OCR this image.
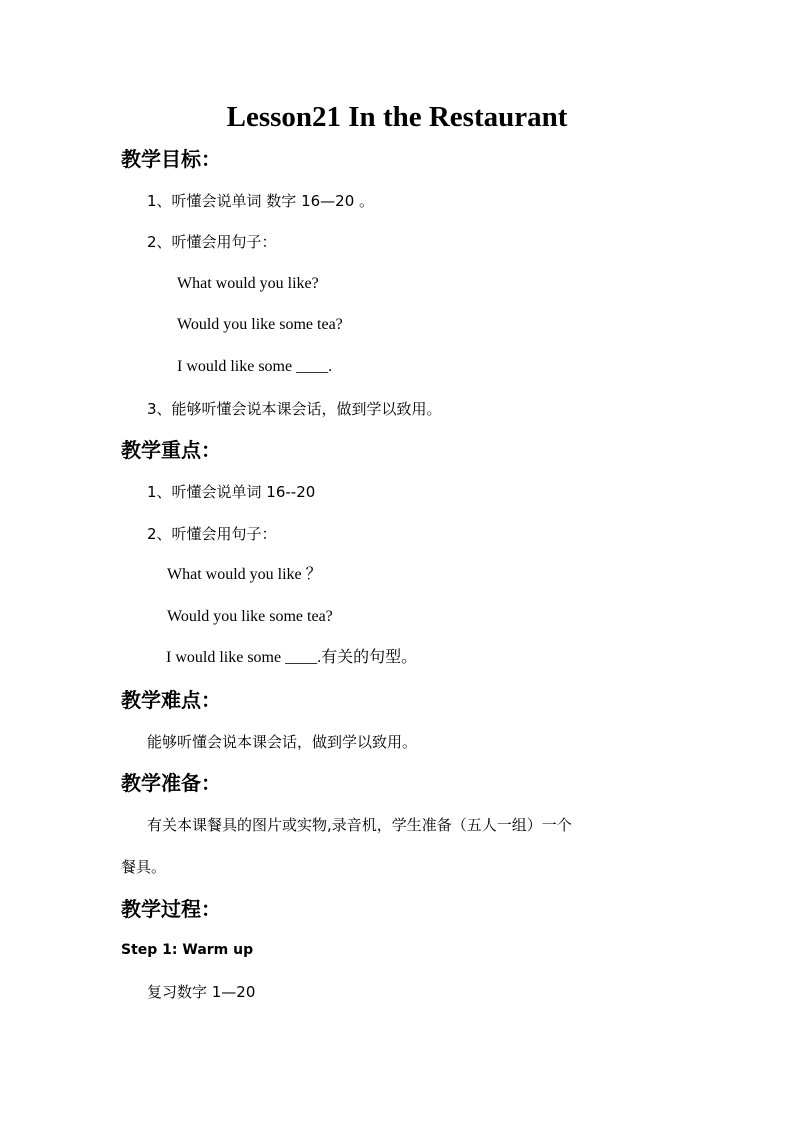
Lesson21 In the Restaurant
教学目标：
1、听懂会说单词 数字 16—20 。
2、听懂会用句子：
What would you like?
Would you like some tea?
I would like some ____.
3、能够听懂会说本课会话，做到学以致用。
教学重点：
1、听懂会说单词 16--20
2、听懂会用句子：
What would you like ？
Would you like some tea?
I would like some ____.有关的句型。
教学难点：
能够听懂会说本课会话，做到学以致用。
教学准备：
有关本课餐具的图片或实物,录音机，学生准备（五人一组）一个
餐具。
教学过程：
Step 1: Warm up
复习数字 1—20
